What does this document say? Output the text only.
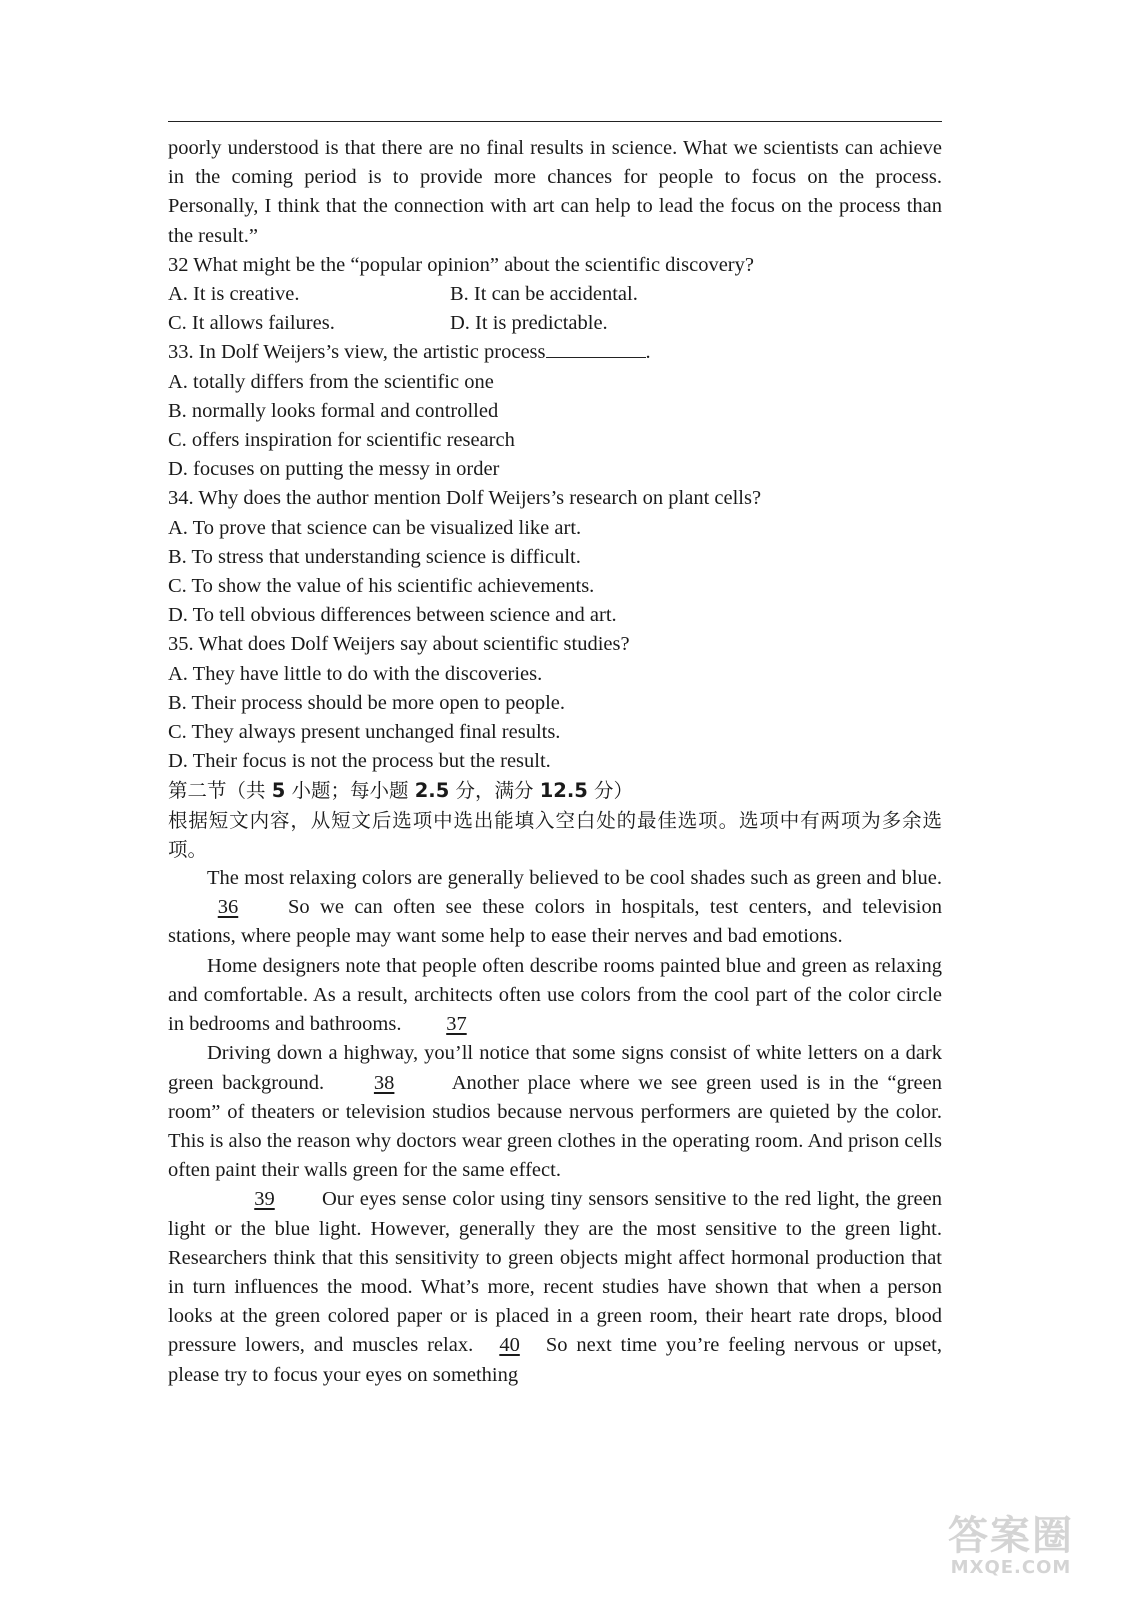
poorly understood is that there are no final results in science. What we scientists can achieve in the coming period is to provide more chances for people to focus on the process. Personally, I think that the connection with art can help to lead the focus on the process than the result.”

32 What might be the “popular opinion” about the scientific discovery?

A. It is creative.	B. It can be accidental.
C. It allows failures.	D. It is predictable.

33. In Dolf Weijers’s view, the artistic process	.

A. totally differs from the scientific one

B. normally looks formal and controlled

C. offers inspiration for scientific research

D. focuses on putting the messy in order

34. Why does the author mention Dolf Weijers’s research on plant cells?

A. To prove that science can be visualized like art.

B. To stress that understanding science is difficult.

C. To show the value of his scientific achievements.

D. To tell obvious differences between science and art.

35. What does Dolf Weijers say about scientific studies?

A. They have little to do with the discoveries.

B. Their process should be more open to people.

C. They always present unchanged final results.

D. Their focus is not the process but the result.

第二节（共 5 小题；每小题 2.5 分，满分 12.5 分）

根据短文内容，从短文后选项中选出能填入空白处的最佳选项。选项中有两项为多余选项。

The most relaxing colors are generally believed to be cool shades such as green and blue.36 So we can often see these colors in hospitals, test centers, and television stations, where people may want some help to ease their nerves and bad emotions.

Home designers note that people often describe rooms painted blue and green as relaxing and comfortable. As a result, architects often use colors from the cool part of the color circle in bedrooms and bathrooms. 37

Driving down a highway, you’ll notice that some signs consist of white letters on a dark green background. 38 Another place where we see green used is in the “green room” of theaters or television studios because nervous performers are quieted by the color. This is also the reason why doctors wear green clothes in the operating room. And prison cells often paint their walls green for the same effect.

39 Our eyes sense color using tiny sensors sensitive to the red light, the green light or the blue light. However, generally they are the most sensitive to the green light. Researchers think that this sensitivity to green objects might affect hormonal production that in turn influences the mood. What’s more, recent studies have shown that when a person looks at the green colored paper or is placed in a green room, their heart rate drops, blood pressure lowers, and muscles relax. 40 So next time you’re feeling nervous or upset, please try to focus your eyes on something

答案圈
MXQE.COM
